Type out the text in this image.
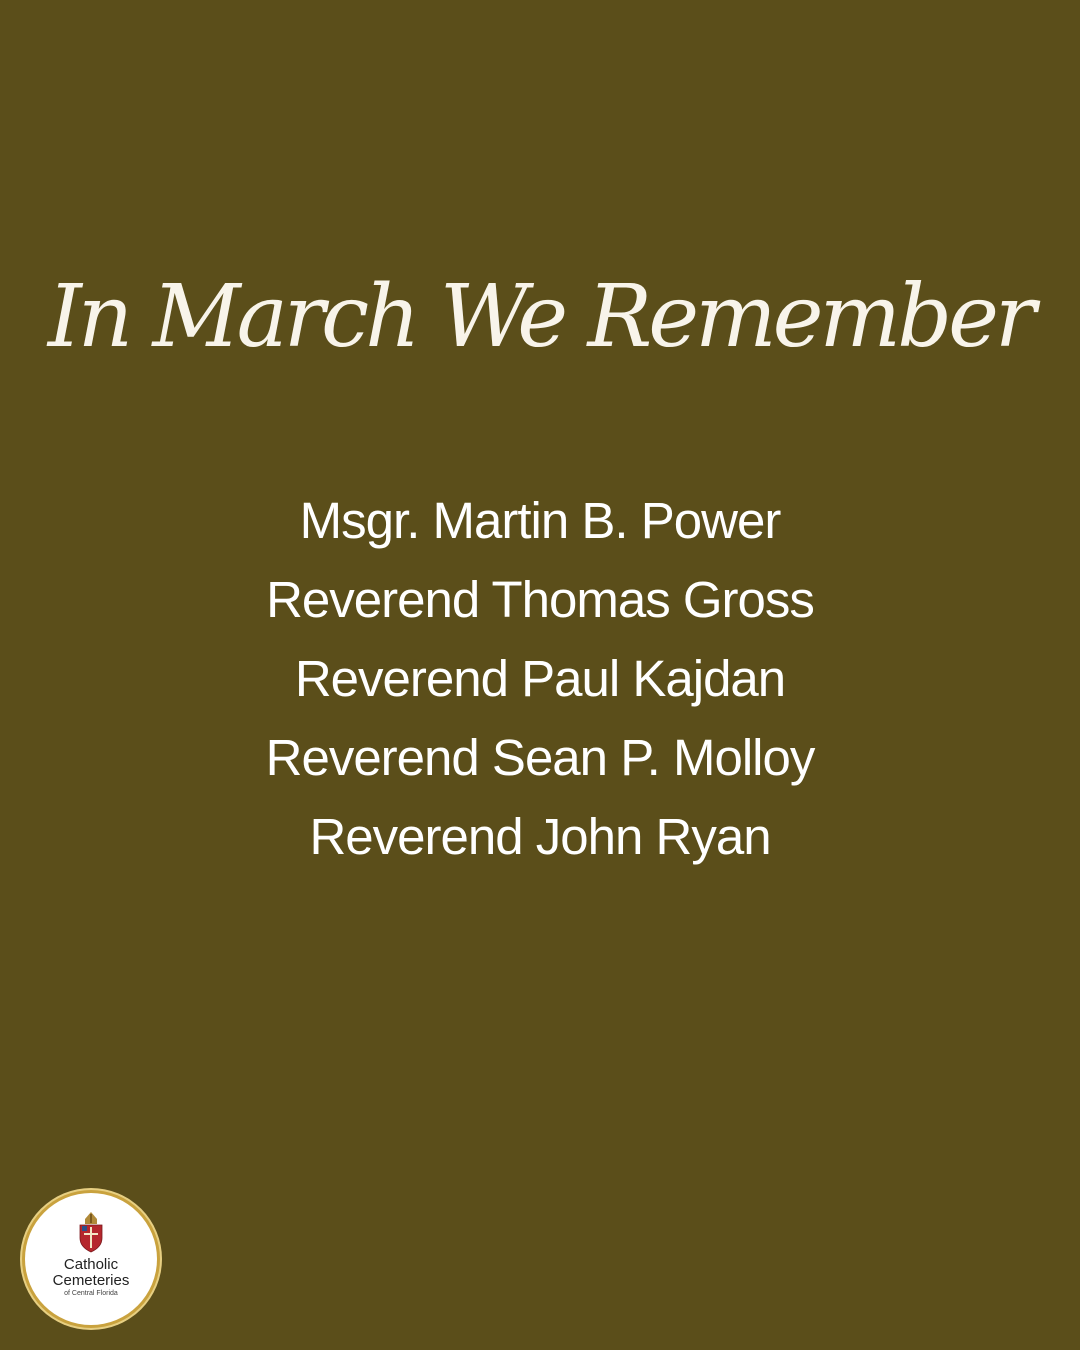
In March We Remember
Msgr. Martin B. Power
Reverend Thomas Gross
Reverend Paul Kajdan
Reverend Sean P. Molloy
Reverend John Ryan
Catholic
Cemeteries
of Central Florida
